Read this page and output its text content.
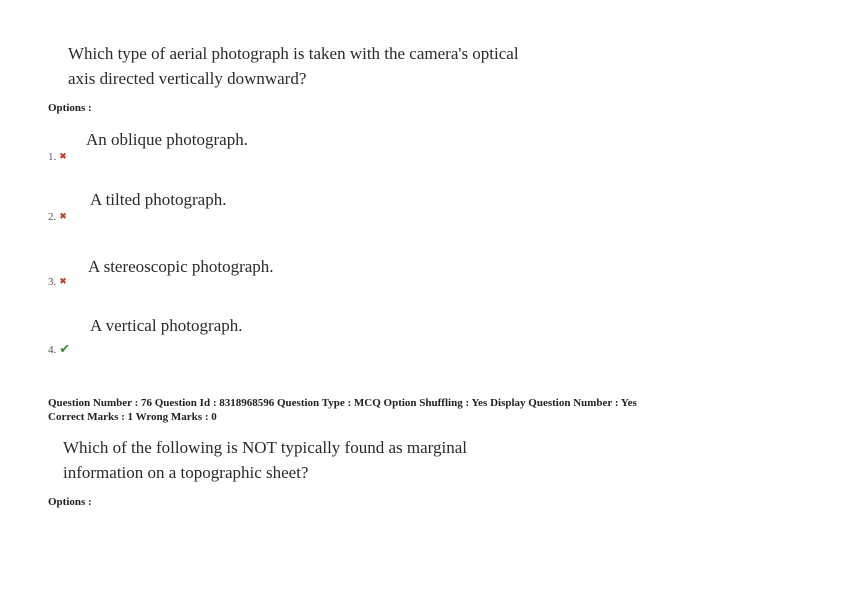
Which type of aerial photograph is taken with the camera's optical
axis directed vertically downward?
Options :
An oblique photograph.
1. ✖
A tilted photograph.
2. ✖
A stereoscopic photograph.
3. ✖
A vertical photograph.
4. ✔
Question Number : 76 Question Id : 8318968596 Question Type : MCQ Option Shuffling : Yes Display Question Number : Yes
Correct Marks : 1 Wrong Marks : 0
Which of the following is NOT typically found as marginal
information on a topographic sheet?
Options :
